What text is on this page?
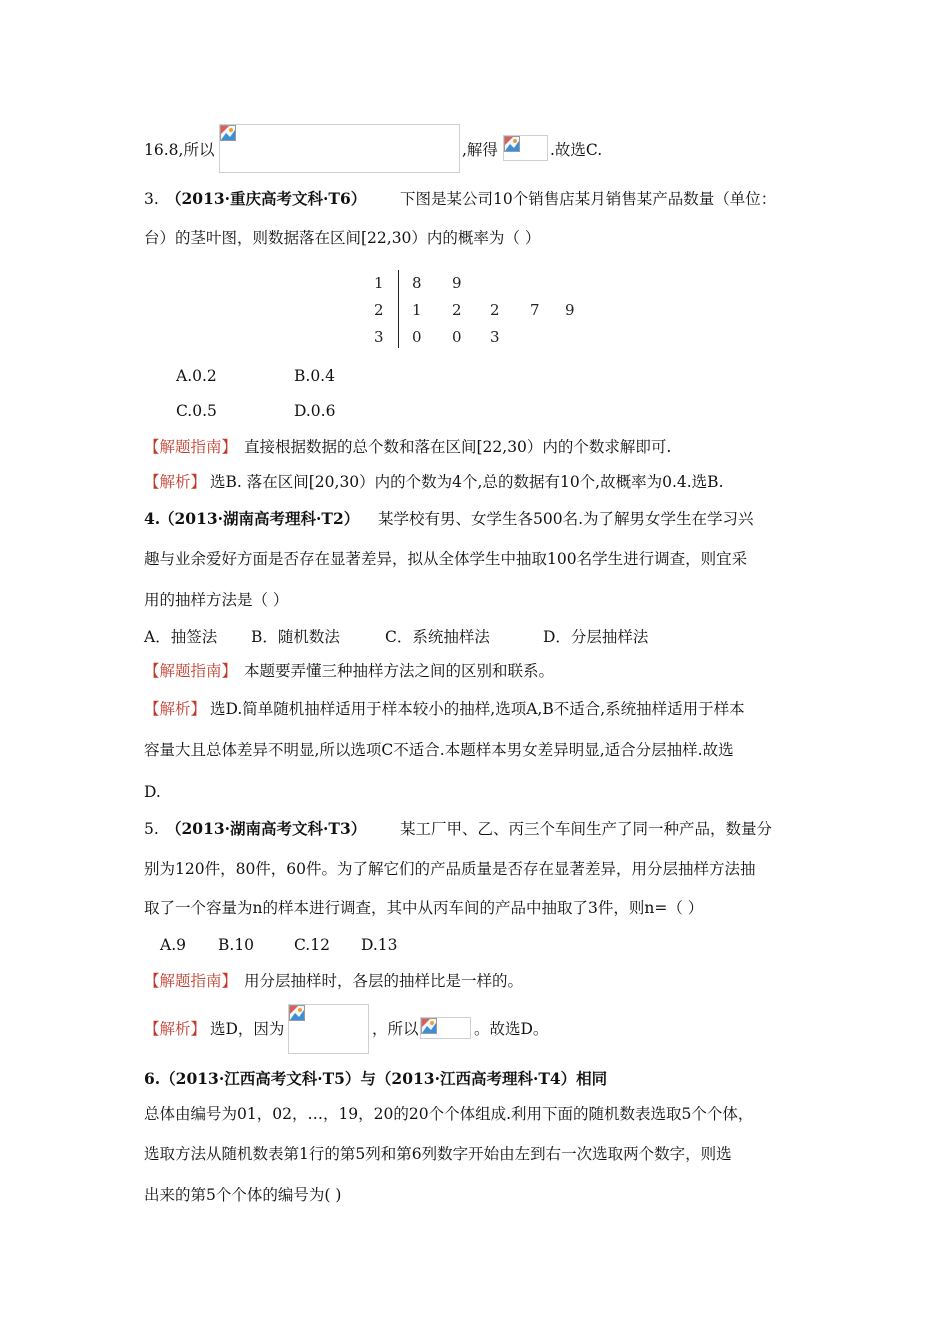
16.8,所以	,解得	.故选C.
3. （2013·重庆高考文科·T6） 下图是某公司10个销售店某月销售某产品数量（单位：
台）的茎叶图，则数据落在区间[22,30）内的概率为（ ）
1 8 9
2 1 2 2 7 9
3 0 0 3
A.0.2	B.0.4
C.0.5	D.0.6
【解题指南】 直接根据数据的总个数和落在区间[22,30）内的个数求解即可.
【解析】 选B. 落在区间[20,30）内的个数为4个,总的数据有10个,故概率为0.4.选B.
4.
（2013·湖南高考理科·T2） 某学校有男、女学生各500名.为了解男女学生在学习兴
趣与业余爱好方面是否存在显著差异，拟从全体学生中抽取100名学生进行调查，则宜采
用的抽样方法是（ ）
A．抽签法 B．随机数法	C．系统抽样法	D．分层抽样法
【解题指南】 本题要弄懂三种抽样方法之间的区别和联系。
【解析】 选D.简单随机抽样适用于样本较小的抽样,选项A,B不适合,系统抽样适用于样本
容量大且总体差异不明显,所以选项C不适合.本题样本男女差异明显,适合分层抽样.故选
D.
5. （2013·湖南高考文科·T3） 某工厂甲、乙、丙三个车间生产了同一种产品，数量分
别为120件，80件，60件。为了解它们的产品质量是否存在显著差异，用分层抽样方法抽
取了一个容量为n的样本进行调查，其中从丙车间的产品中抽取了3件，则n=（ ）
A.9 B.10	C.12 D.13
【解题指南】 用分层抽样时，各层的抽样比是一样的。
【解析】 选D，因为	，所以	。故选D。
6.（2013·江西高考文科·T5）与（2013·江西高考理科·T4）相同
总体由编号为01，02，…，19，20的20个个体组成.利用下面的随机数表选取5个个体，
选取方法从随机数表第1行的第5列和第6列数字开始由左到右一次选取两个数字，则选
出来的第5个个体的编号为( )
